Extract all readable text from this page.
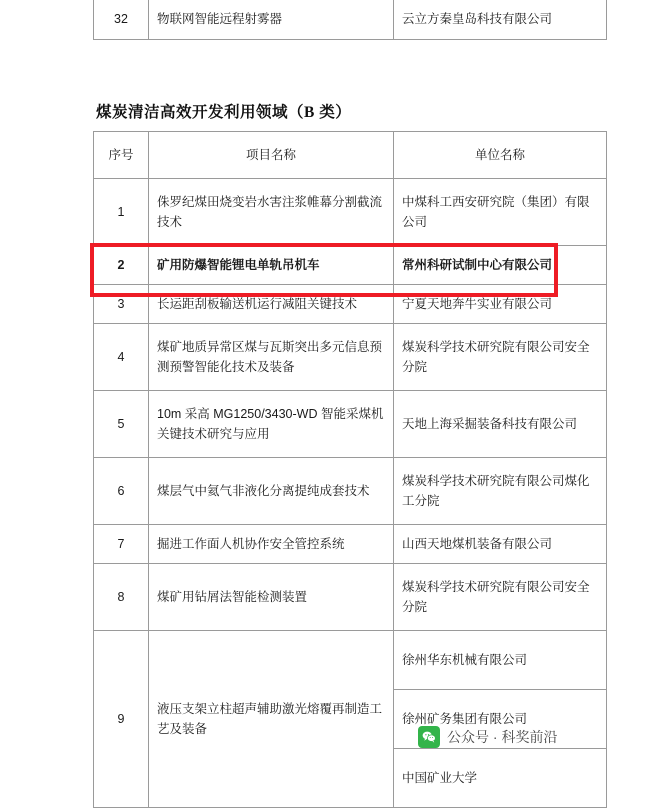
32	物联网智能远程射雾器	云立方秦皇岛科技有限公司
煤炭清洁高效开发利用领域（B 类）
序号	项目名称	单位名称
1	侏罗纪煤田烧变岩水害注浆帷幕分割截流技术	中煤科工西安研究院（集团）有限公司
2	矿用防爆智能锂电单轨吊机车	常州科研试制中心有限公司
3	长运距刮板输送机运行减阻关键技术	宁夏天地奔牛实业有限公司
4	煤矿地质异常区煤与瓦斯突出多元信息预测预警智能化技术及装备	煤炭科学技术研究院有限公司安全分院
5	10m 采高 MG1250/3430-WD 智能采煤机关键技术研究与应用	天地上海采掘装备科技有限公司
6	煤层气中氦气非液化分离提纯成套技术	煤炭科学技术研究院有限公司煤化工分院
7	掘进工作面人机协作安全管控系统	山西天地煤机装备有限公司
8	煤矿用钻屑法智能检测装置	煤炭科学技术研究院有限公司安全分院
9	液压支架立柱超声辅助激光熔覆再制造工艺及装备	徐州华东机械有限公司
		徐州矿务集团有限公司
		中国矿业大学
公众号 · 科奖前沿
